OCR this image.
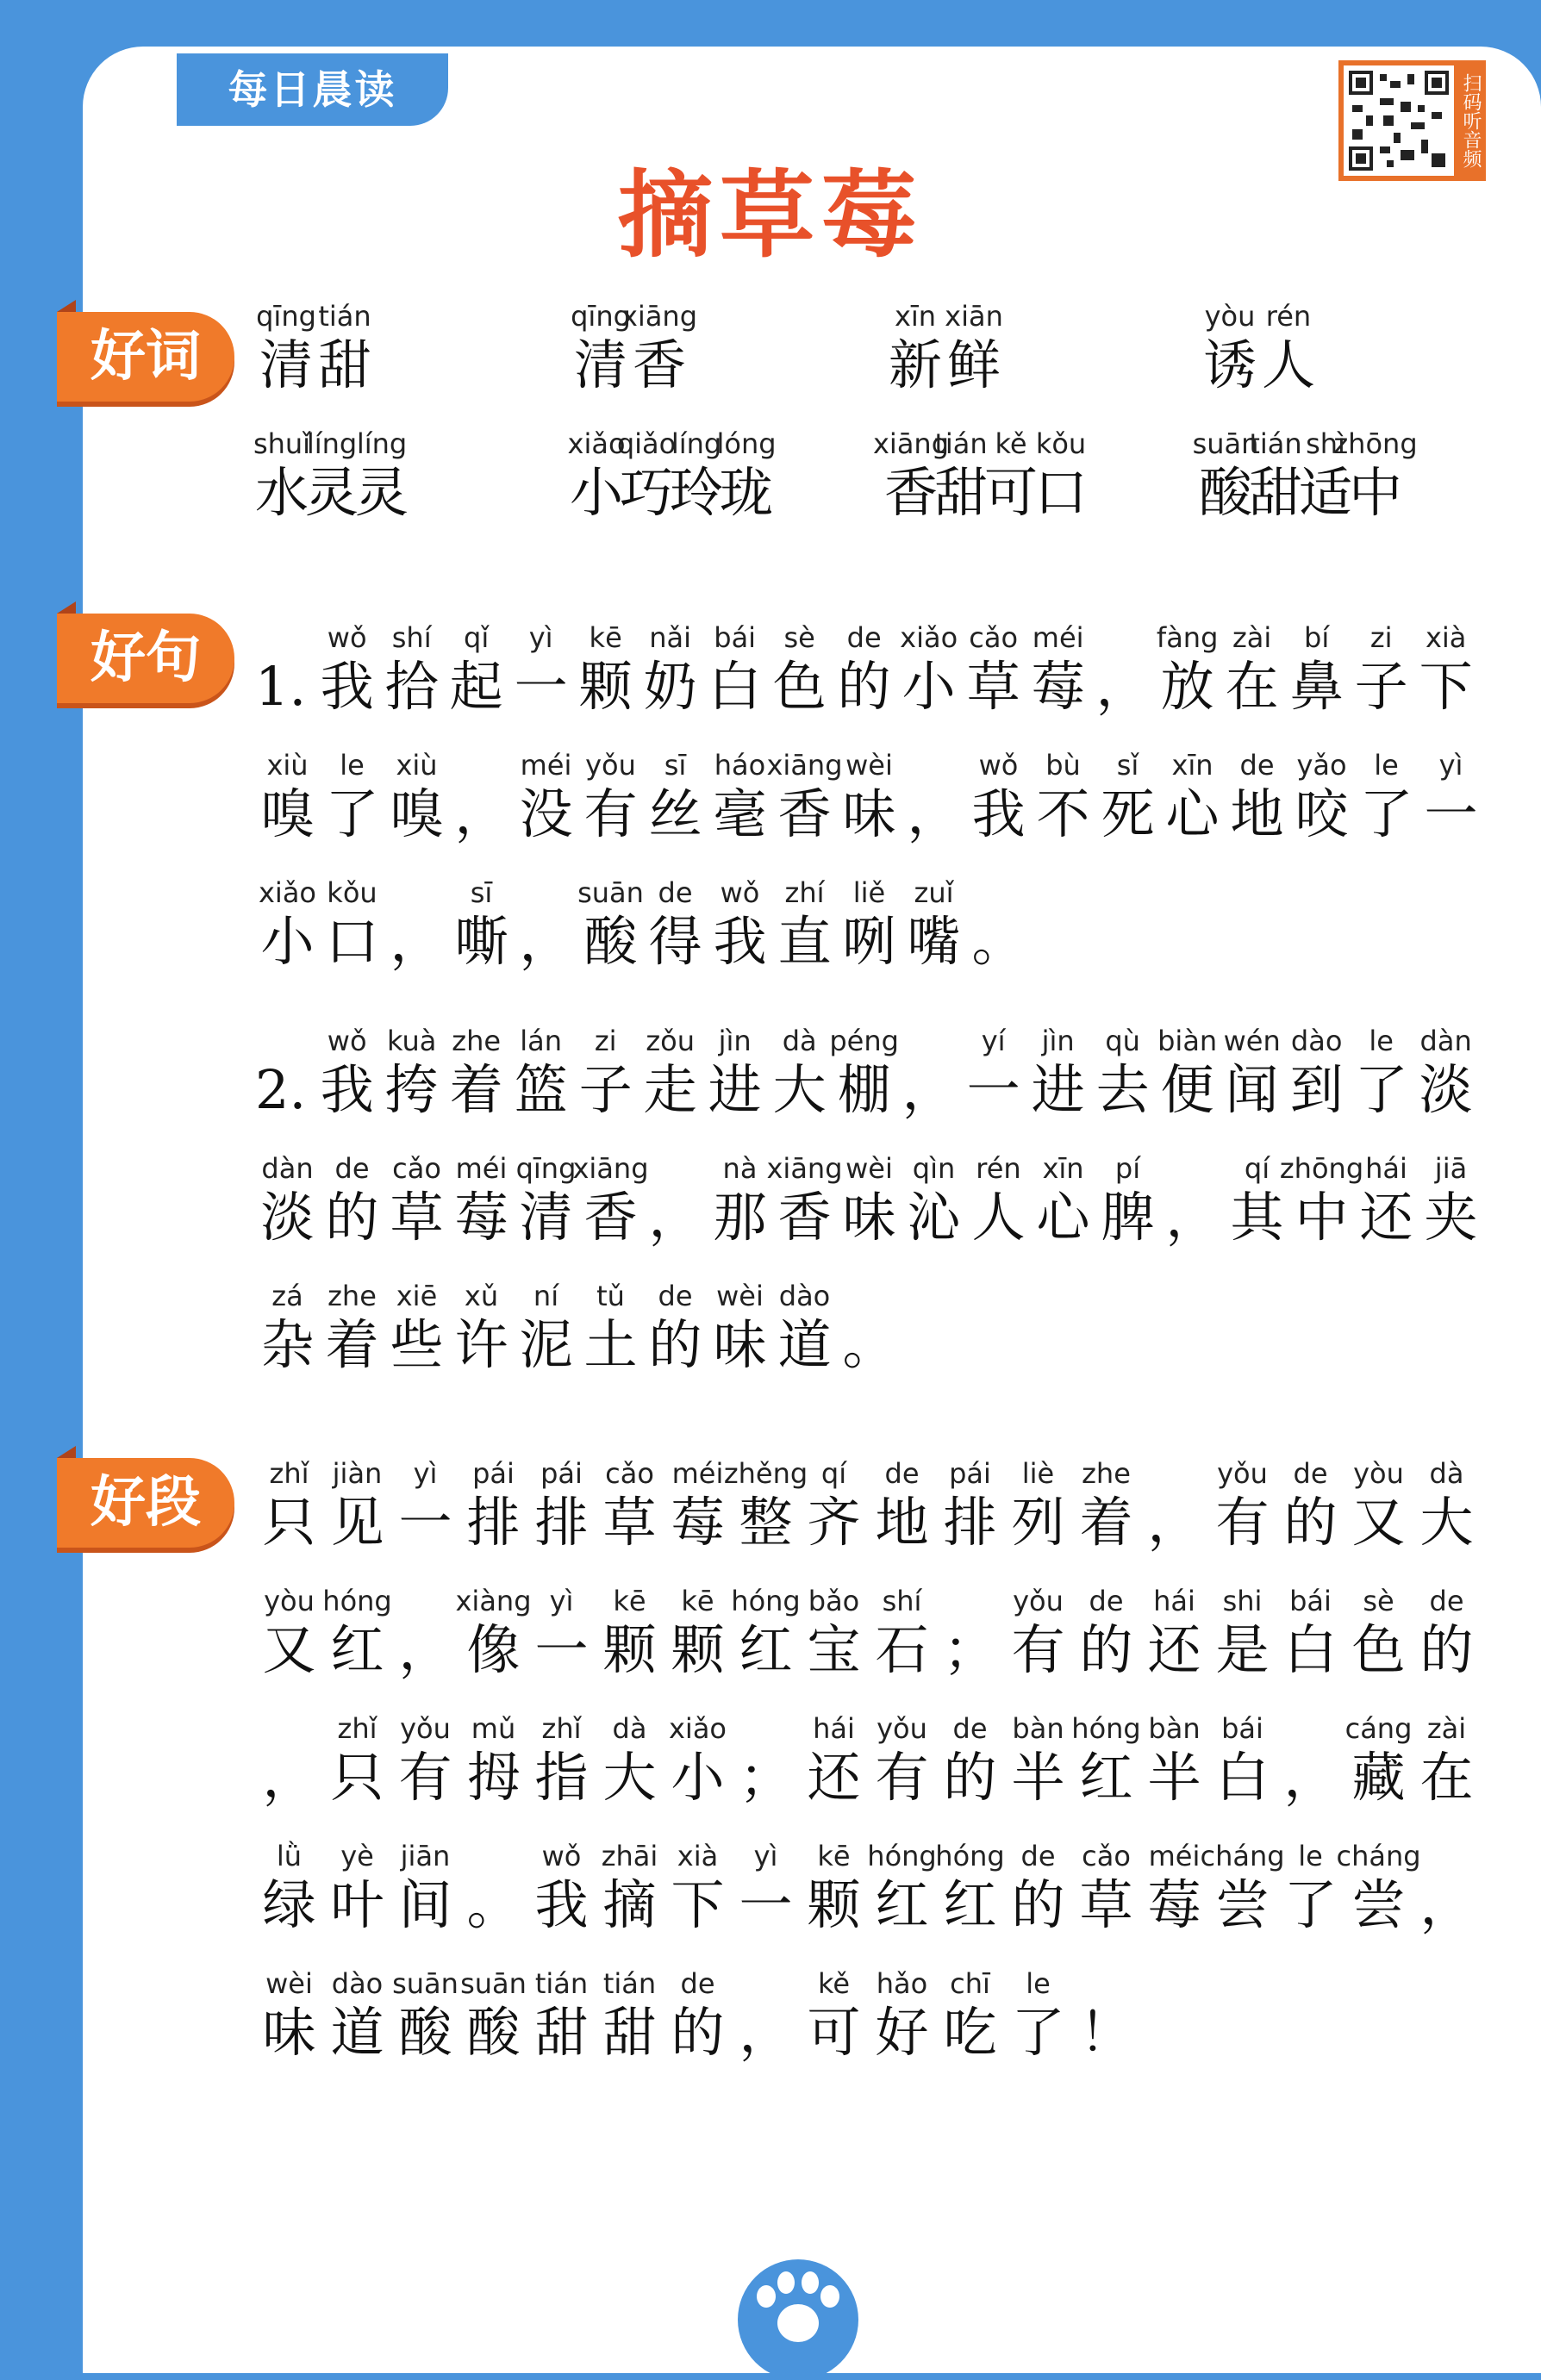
每日晨读	扫码听音频
摘草莓
好词
好句
好段
qīng
清
tián
甜
qīng
清
xiāng
香
xīn
新
xiān
鲜
yòu
诱
rén
人
shuǐ
水
líng
灵
líng
灵
xiǎo
小
qiǎo
巧
líng
玲
lóng
珑
xiāng
香
tián
甜
kě
可
kǒu
口
suān
酸
tián
甜
shì
适
zhōng
中
1.
wǒ
我
shí
拾
qǐ
起
yì
一
kē
颗
nǎi
奶
bái
白
sè
色
de
的
xiǎo
小
cǎo
草
méi
莓 ，
fàng
放
zài
在
bí
鼻
zi
子
xià
下
xiù
嗅
le
了
xiù
嗅 ，
méi
没
yǒu
有
sī
丝
háo
毫
xiāng
香
wèi
味 ，
wǒ
我
bù
不
sǐ
死
xīn
心
de
地
yǎo
咬
le
了
yì
一
xiǎo
小
kǒu
口 ，
sī
嘶 ，
suān
酸
de
得
wǒ
我
zhí
直
liě
咧
zuǐ
嘴 。
2.
wǒ
我
kuà
挎
zhe
着
lán
篮
zi
子
zǒu
走
jìn
进
dà
大
péng
棚 ，
yí
一
jìn
进
qù
去
biàn
便
wén
闻
dào
到
le
了
dàn
淡
dàn
淡
de
的
cǎo
草
méi
莓
qīng
清
xiāng
香 ，
nà
那
xiāng
香
wèi
味
qìn
沁
rén
人
xīn
心
pí
脾 ，
qí
其
zhōng
中
hái
还
jiā
夹
zá
杂
zhe
着
xiē
些
xǔ
许
ní
泥
tǔ
土
de
的
wèi
味
dào
道 。
zhǐ
只
jiàn
见
yì
一
pái
排
pái
排
cǎo
草
méi
莓
zhěng
整
qí
齐
de
地
pái
排
liè
列
zhe
着 ，
yǒu
有
de
的
yòu
又
dà
大
yòu
又
hóng
红 ，
xiàng
像
yì
一
kē
颗
kē
颗
hóng
红
bǎo
宝
shí
石 ；
yǒu
有
de
的
hái
还
shi
是
bái
白
sè
色
de
的
，
zhǐ
只
yǒu
有
mǔ
拇
zhǐ
指
dà
大
xiǎo
小 ；
hái
还
yǒu
有
de
的
bàn
半
hóng
红
bàn
半
bái
白 ，
cáng
藏
zài
在
lǜ
绿
yè
叶
jiān
间 。
wǒ
我
zhāi
摘
xià
下
yì
一
kē
颗
hóng
红
hóng
红
de
的
cǎo
草
méi
莓
cháng
尝
le
了
cháng
尝 ，
wèi
味
dào
道
suān
酸
suān
酸
tián
甜
tián
甜
de
的 ，
kě
可
hǎo
好
chī
吃
le
了 ！
